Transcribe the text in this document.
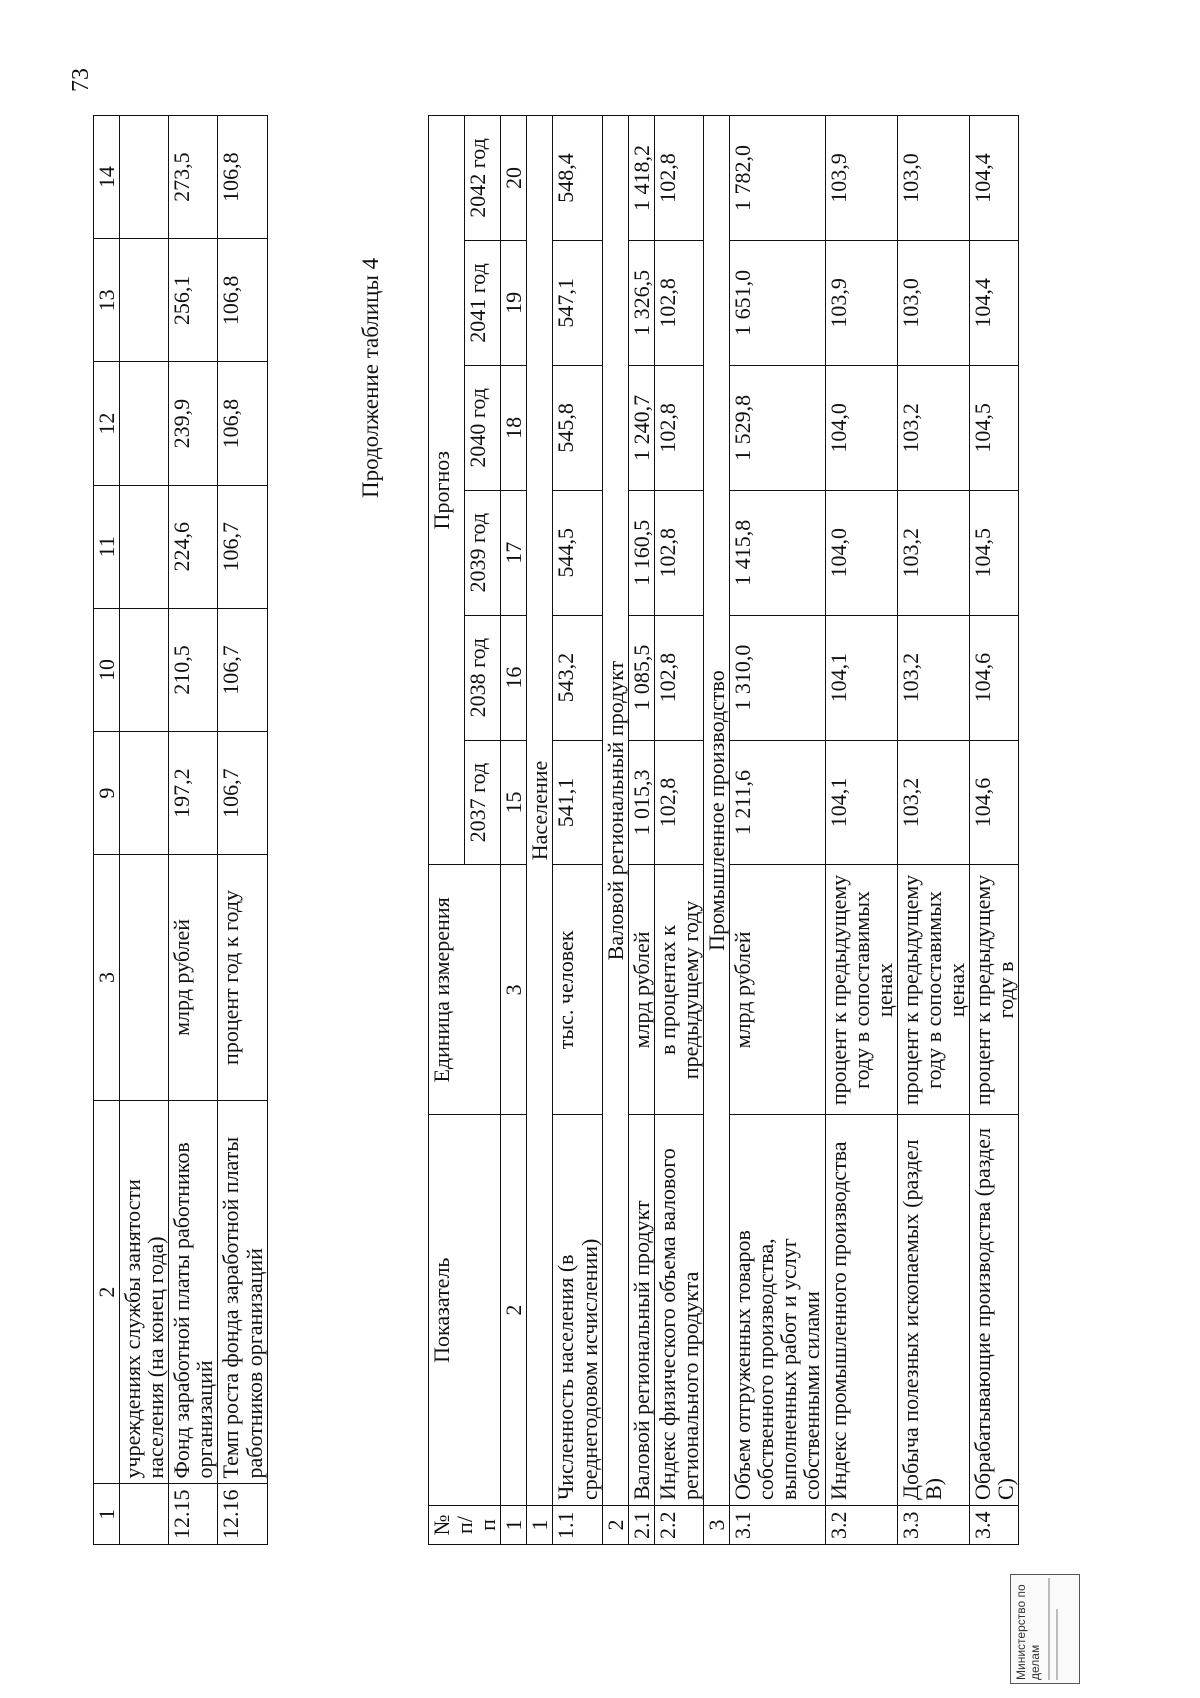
73
1	2	3	9	10	11	12	13	14
	учреждениях службы занятости населения (на конец года)							
12.15	Фонд заработной платы работников организаций	млрд рублей	197,2	210,5	224,6	239,9	256,1	273,5
12.16	Темп роста фонда заработной платы работников организаций	процент год к году	106,7	106,7	106,7	106,8	106,8	106,8
Продолжение таблицы 4
№ п/п	Показатель	Единица измерения	Прогноз					
			2037 год	2038 год	2039 год	2040 год	2041 год	2042 год
1	2	3	15	16	17	18	19	20
1	Население							
1.1	Численность населения (в среднегодовом исчислении)	тыс. человек	541,1	543,2	544,5	545,8	547,1	548,4
2	Валовой региональный продукт							
2.1	Валовой региональный продукт	млрд рублей	1 015,3	1 085,5	1 160,5	1 240,7	1 326,5	1 418,2
2.2	Индекс физического объема валового регионального продукта	в процентах к предыдущему году	102,8	102,8	102,8	102,8	102,8	102,8
3	Промышленное производство							
3.1	Объем отгруженных товаров собственного производства, выполненных работ и услуг собственными силами	млрд рублей	1 211,6	1 310,0	1 415,8	1 529,8	1 651,0	1 782,0
3.2	Индекс промышленного производства	процент к предыдущему году в сопоставимых ценах	104,1	104,1	104,0	104,0	103,9	103,9
3.3	Добыча полезных ископаемых (раздел B)	процент к предыдущему году в сопоставимых ценах	103,2	103,2	103,2	103,2	103,0	103,0
3.4	Обрабатывающие производства (раздел C)	процент к предыдущему году в	104,6	104,6	104,5	104,5	104,4	104,4
Министерство по делам
